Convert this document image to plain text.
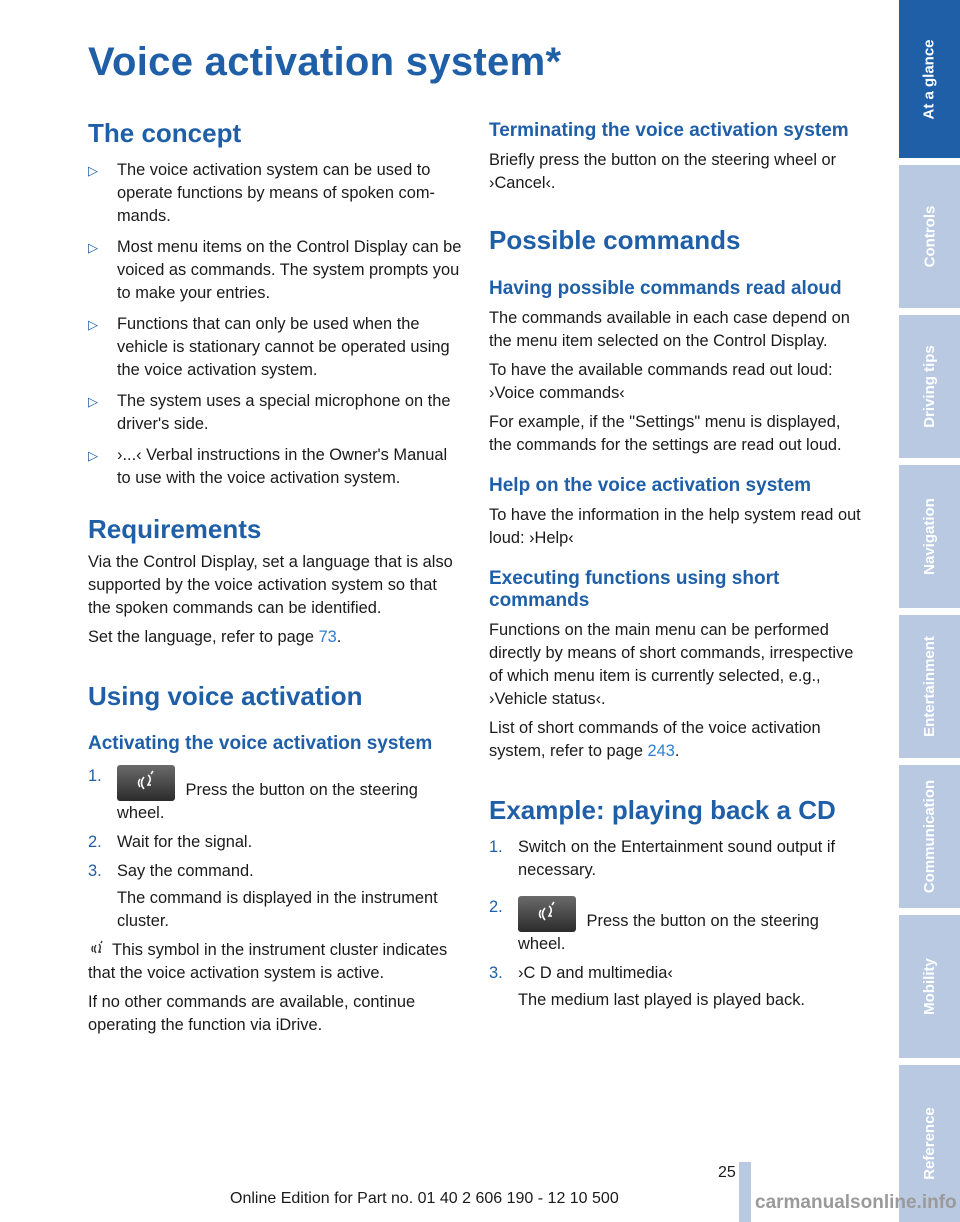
Voice activation system*
The concept
▷ The voice activation system can be used to operate functions by means of spoken commands.
▷ Most menu items on the Control Display can be voiced as commands. The system prompts you to make your entries.
▷ Functions that can only be used when the vehicle is stationary cannot be operated using the voice activation system.
▷ The system uses a special microphone on the driver's side.
▷ ›...‹ Verbal instructions in the Owner's Manual to use with the voice activation system.
Requirements

Via the Control Display, set a language that is also supported by the voice activation system so that the spoken commands can be identified.

Set the language, refer to page 73.

Using voice activation
Activating the voice activation system
1.
Press the button on the steering wheel.
2. Wait for the signal.
3. Say the command.
The command is displayed in the instrument cluster.

This symbol in the instrument cluster indicates that the voice activation system is active.

If no other commands are available, continue operating the function via iDrive.

Terminating the voice activation system

Briefly press the button on the steering wheel or ›Cancel‹.

Possible commands
Having possible commands read aloud

The commands available in each case depend on the menu item selected on the Control Display.

To have the available commands read out loud: ›Voice commands‹

For example, if the "Settings" menu is displayed, the commands for the settings are read out loud.

Help on the voice activation system

To have the information in the help system read out loud: ›Help‹

Executing functions using short commands

Functions on the main menu can be performed directly by means of short commands, irrespective of which menu item is currently selected, e.g., ›Vehicle status‹.

List of short commands of the voice activation system, refer to page 243.

Example: playing back a CD
1. Switch on the Entertainment sound output if necessary.
2.
Press the button on the steering wheel.
3. ›C D and multimedia‹
The medium last played is played back.
At a glance
Controls
Driving tips
Navigation
Entertainment
Communication
Mobility
Reference
25
Online Edition for Part no. 01 40 2 606 190 - 12 10 500	carmanualsonline.info
